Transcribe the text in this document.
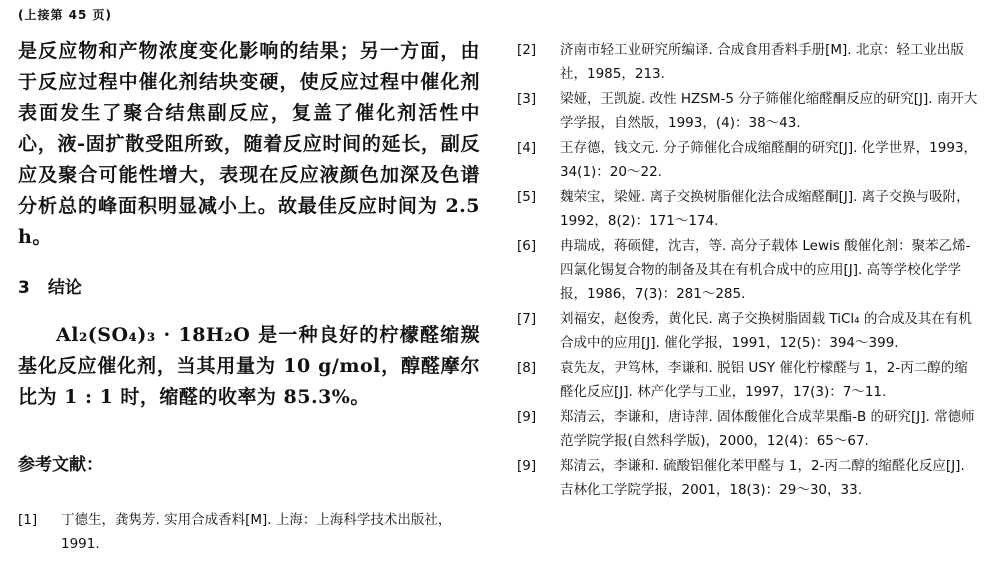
(上接第 45 页)

是反应物和产物浓度变化影响的结果；另一方面，由于反应过程中催化剂结块变硬，使反应过程中催化剂表面发生了聚合结焦副反应，复盖了催化剂活性中心，液-固扩散受阻所致，随着反应时间的延长，副反应及聚合可能性增大，表现在反应液颜色加深及色谱分析总的峰面积明显减小上。故最佳反应时间为 2.5 h。

3 结论
Al₂(SO₄)₃ · 18H₂O 是一种良好的柠檬醛缩羰基化反应催化剂，当其用量为 10 g/mol，醇醛摩尔比为 1 : 1 时，缩醛的收率为 85.3%。
参考文献：
[1] 丁德生，龚隽芳. 实用合成香料[M]. 上海：上海科学技术出版社，1991.
[2] 济南市轻工业研究所编译. 合成食用香料手册[M]. 北京：轻工业出版社，1985，213.
[3] 梁娅，王凯旋. 改性 HZSM-5 分子筛催化缩醛酮反应的研究[J]. 南开大学学报，自然版，1993，(4)：38～43.
[4] 王存德，钱文元. 分子筛催化合成缩醛酮的研究[J]. 化学世界，1993，34(1)：20～22.
[5] 魏荣宝，梁娅. 离子交换树脂催化法合成缩醛酮[J]. 离子交换与吸附，1992，8(2)：171～174.
[6] 冉瑞成，蒋硕健，沈吉，等. 高分子载体 Lewis 酸催化剂：聚苯乙烯-四氯化锡复合物的制备及其在有机合成中的应用[J]. 高等学校化学学报，1986，7(3)：281～285.
[7] 刘福安，赵俊秀，黄化民. 离子交换树脂固载 TiCl₄ 的合成及其在有机合成中的应用[J]. 催化学报，1991，12(5)：394～399.
[8] 袁先友，尹笃林，李谦和. 脱铝 USY 催化柠檬醛与 1，2-丙二醇的缩醛化反应[J]. 林产化学与工业，1997，17(3)：7～11.
[9] 郑清云，李谦和，唐诗萍. 固体酸催化合成苹果酯-B 的研究[J]. 常德师范学院学报(自然科学版)，2000，12(4)：65～67.
[9] 郑清云，李谦和. 硫酸铝催化苯甲醛与 1，2-丙二醇的缩醛化反应[J]. 吉林化工学院学报，2001，18(3)：29～30，33.
